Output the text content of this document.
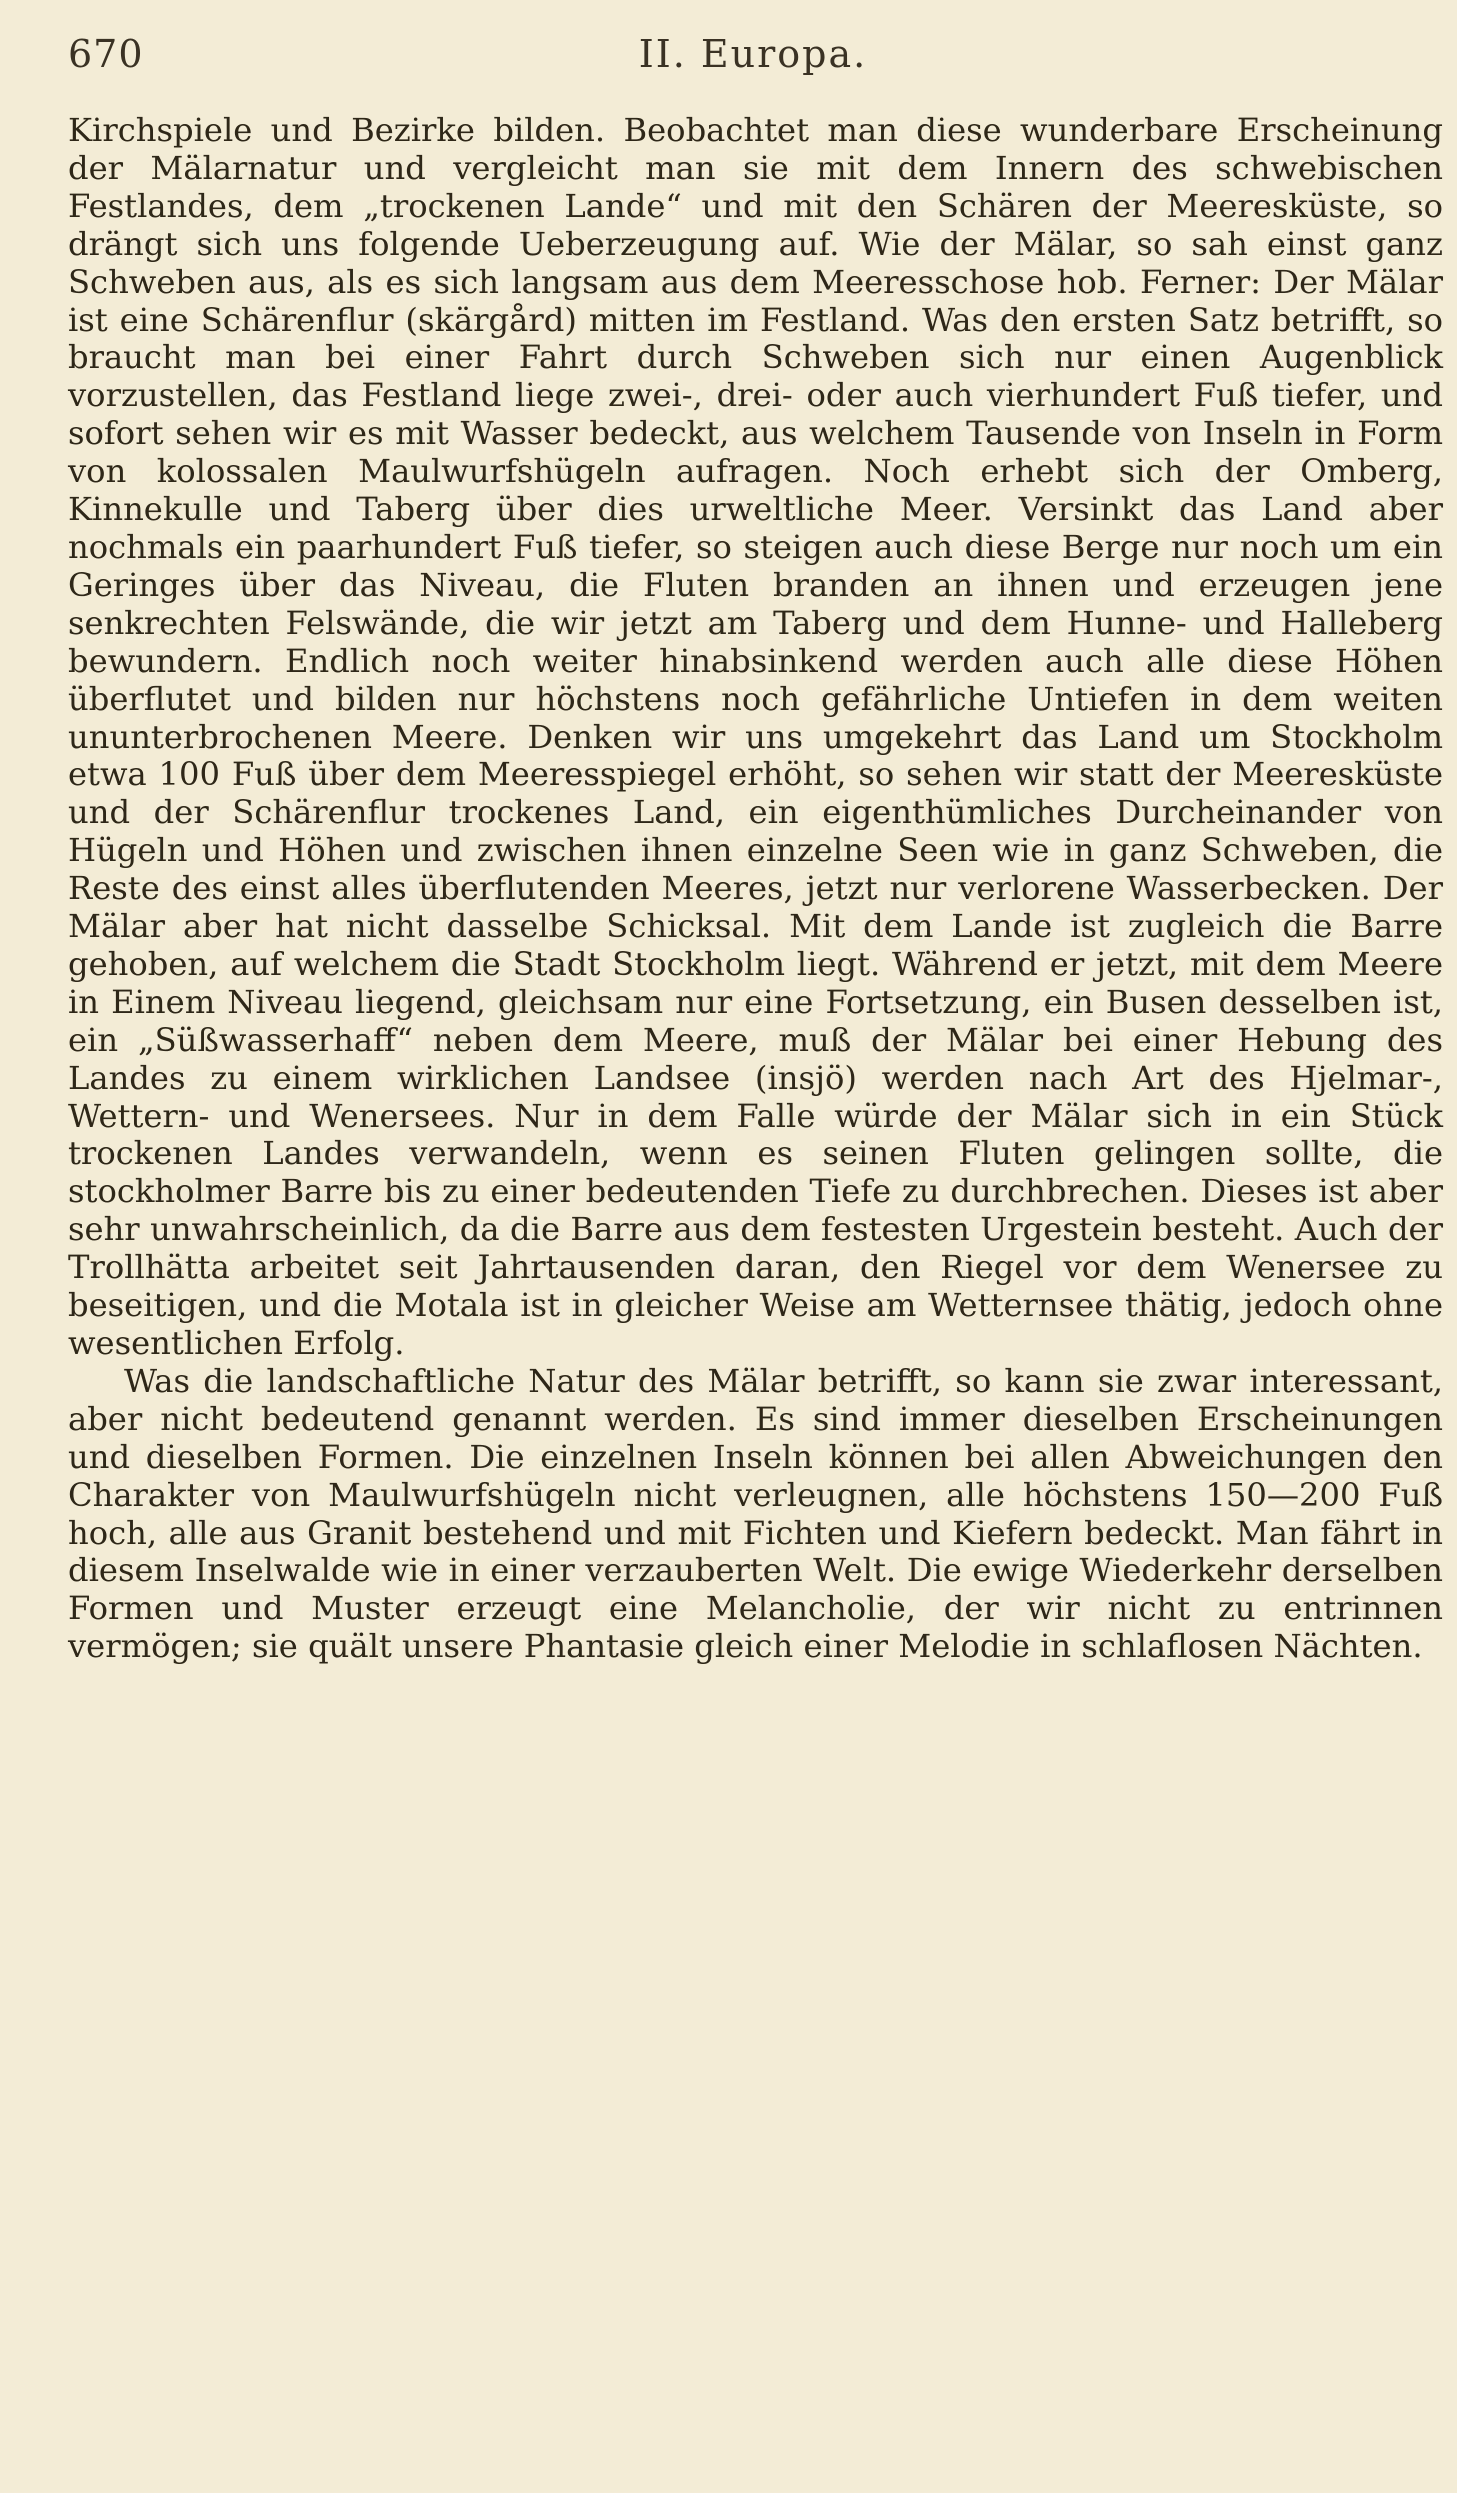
670	II. Europa.

Kirchspiele und Bezirke bilden. Beobachtet man diese wunderbare Erscheinung der Mälarnatur und vergleicht man sie mit dem Innern des schwebischen Festlandes, dem „trockenen Lande“ und mit den Schären der Meeresküste, so drängt sich uns folgende Ueberzeugung auf. Wie der Mälar, so sah einst ganz Schweben aus, als es sich langsam aus dem Meeresschose hob. Ferner: Der Mälar ist eine Schärenflur (skärgård) mitten im Festland. Was den ersten Satz betrifft, so braucht man bei einer Fahrt durch Schweben sich nur einen Augenblick vorzustellen, das Festland liege zwei-, drei- oder auch vierhundert Fuß tiefer, und sofort sehen wir es mit Wasser bedeckt, aus welchem Tausende von Inseln in Form von kolossalen Maulwurfshügeln aufragen. Noch erhebt sich der Omberg, Kinnekulle und Taberg über dies urweltliche Meer. Versinkt das Land aber nochmals ein paarhundert Fuß tiefer, so steigen auch diese Berge nur noch um ein Geringes über das Niveau, die Fluten branden an ihnen und erzeugen jene senkrechten Felswände, die wir jetzt am Taberg und dem Hunne- und Halleberg bewundern. Endlich noch weiter hinabsinkend werden auch alle diese Höhen überflutet und bilden nur höchstens noch gefährliche Untiefen in dem weiten ununterbrochenen Meere. Denken wir uns umgekehrt das Land um Stockholm etwa 100 Fuß über dem Meeresspiegel erhöht, so sehen wir statt der Meeresküste und der Schärenflur trockenes Land, ein eigenthümliches Durcheinander von Hügeln und Höhen und zwischen ihnen einzelne Seen wie in ganz Schweben, die Reste des einst alles überflutenden Meeres, jetzt nur verlorene Wasserbecken. Der Mälar aber hat nicht dasselbe Schicksal. Mit dem Lande ist zugleich die Barre gehoben, auf welchem die Stadt Stockholm liegt. Während er jetzt, mit dem Meere in Einem Niveau liegend, gleichsam nur eine Fortsetzung, ein Busen desselben ist, ein „Süßwasserhaff“ neben dem Meere, muß der Mälar bei einer Hebung des Landes zu einem wirklichen Landsee (insjö) werden nach Art des Hjelmar-, Wettern- und Wenersees. Nur in dem Falle würde der Mälar sich in ein Stück trockenen Landes verwandeln, wenn es seinen Fluten gelingen sollte, die stockholmer Barre bis zu einer bedeutenden Tiefe zu durchbrechen. Dieses ist aber sehr unwahrscheinlich, da die Barre aus dem festesten Urgestein besteht. Auch der Trollhätta arbeitet seit Jahrtausenden daran, den Riegel vor dem Wenersee zu beseitigen, und die Motala ist in gleicher Weise am Wetternsee thätig, jedoch ohne wesentlichen Erfolg.

Was die landschaftliche Natur des Mälar betrifft, so kann sie zwar interessant, aber nicht bedeutend genannt werden. Es sind immer dieselben Erscheinungen und dieselben Formen. Die einzelnen Inseln können bei allen Abweichungen den Charakter von Maulwurfshügeln nicht verleugnen, alle höchstens 150—200 Fuß hoch, alle aus Granit bestehend und mit Fichten und Kiefern bedeckt. Man fährt in diesem Inselwalde wie in einer verzauberten Welt. Die ewige Wiederkehr derselben Formen und Muster erzeugt eine Melancholie, der wir nicht zu entrinnen vermögen; sie quält unsere Phantasie gleich einer Melodie in schlaflosen Nächten.
